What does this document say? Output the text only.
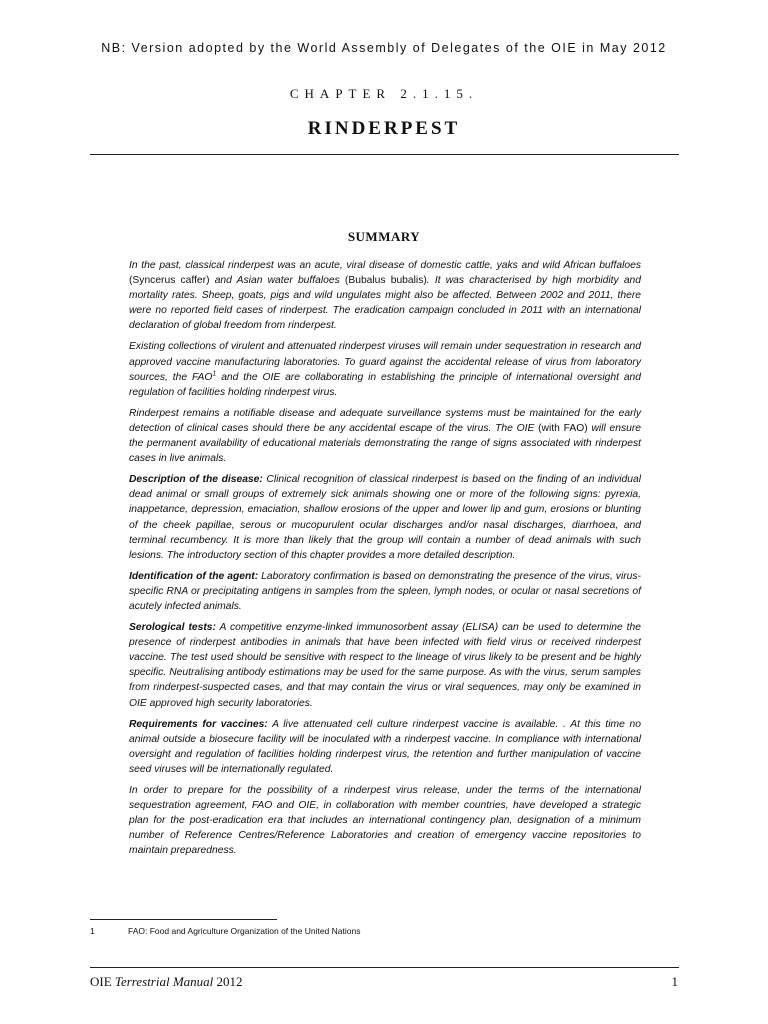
NB: Version adopted by the World Assembly of Delegates of the OIE in May 2012
CHAPTER 2.1.15.
RINDERPEST
SUMMARY

In the past, classical rinderpest was an acute, viral disease of domestic cattle, yaks and wild African buffaloes (Syncerus caffer) and Asian water buffaloes (Bubalus bubalis). It was characterised by high morbidity and mortality rates. Sheep, goats, pigs and wild ungulates might also be affected. Between 2002 and 2011, there were no reported field cases of rinderpest. The eradication campaign concluded in 2011 with an international declaration of global freedom from rinderpest.

Existing collections of virulent and attenuated rinderpest viruses will remain under sequestration in research and approved vaccine manufacturing laboratories. To guard against the accidental release of virus from laboratory sources, the FAO$^1$ and the OIE are collaborating in establishing the principle of international oversight and regulation of facilities holding rinderpest virus.

Rinderpest remains a notifiable disease and adequate surveillance systems must be maintained for the early detection of clinical cases should there be any accidental escape of the virus. The OIE (with FAO) will ensure the permanent availability of educational materials demonstrating the range of signs associated with rinderpest cases in live animals.

Description of the disease: Clinical recognition of classical rinderpest is based on the finding of an individual dead animal or small groups of extremely sick animals showing one or more of the following signs: pyrexia, inappetance, depression, emaciation, shallow erosions of the upper and lower lip and gum, erosions or blunting of the cheek papillae, serous or mucopurulent ocular discharges and/or nasal discharges, diarrhoea, and terminal recumbency. It is more than likely that the group will contain a number of dead animals with such lesions. The introductory section of this chapter provides a more detailed description.

Identification of the agent: Laboratory confirmation is based on demonstrating the presence of the virus, virus-specific RNA or precipitating antigens in samples from the spleen, lymph nodes, or ocular or nasal secretions of acutely infected animals.

Serological tests: A competitive enzyme-linked immunosorbent assay (ELISA) can be used to determine the presence of rinderpest antibodies in animals that have been infected with field virus or received rinderpest vaccine. The test used should be sensitive with respect to the lineage of virus likely to be present and be highly specific. Neutralising antibody estimations may be used for the same purpose. As with the virus, serum samples from rinderpest-suspected cases, and that may contain the virus or viral sequences, may only be examined in OIE approved high security laboratories.

Requirements for vaccines: A live attenuated cell culture rinderpest vaccine is available. . At this time no animal outside a biosecure facility will be inoculated with a rinderpest vaccine. In compliance with international oversight and regulation of facilities holding rinderpest virus, the retention and further manipulation of vaccine seed viruses will be internationally regulated.

In order to prepare for the possibility of a rinderpest virus release, under the terms of the international sequestration agreement, FAO and OIE, in collaboration with member countries, have developed a strategic plan for the post-eradication era that includes an international contingency plan, designation of a minimum number of Reference Centres/Reference Laboratories and creation of emergency vaccine repositories to maintain preparedness.

1	FAO: Food and Agriculture Organization of the United Nations
OIE Terrestrial Manual 2012	1
